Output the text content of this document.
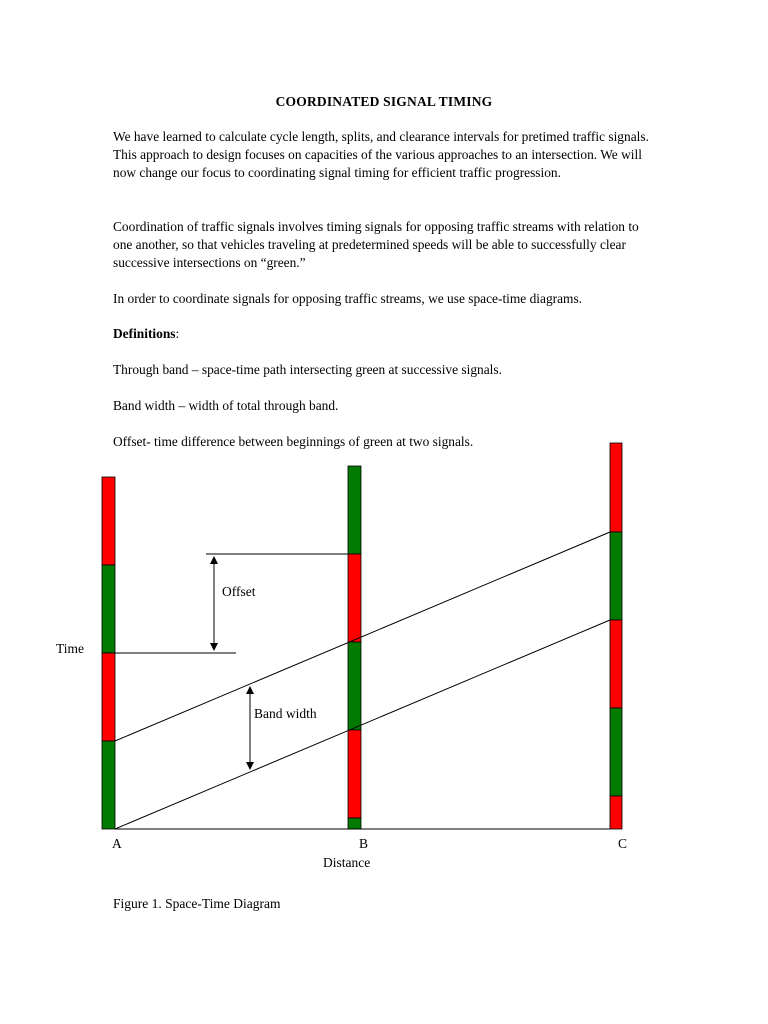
COORDINATED SIGNAL TIMING

We have learned to calculate cycle length, splits, and clearance intervals for pretimed traffic signals. This approach to design focuses on capacities of the various approaches to an intersection. We will now change our focus to coordinating signal timing for efficient traffic progression.

Coordination of traffic signals involves timing signals for opposing traffic streams with relation to one another, so that vehicles traveling at predetermined speeds will be able to successfully clear successive intersections on “green.”

In order to coordinate signals for opposing traffic streams, we use space-time diagrams.

Definitions:

Through band – space-time path intersecting green at successive signals.

Band width – width of total through band.

Offset- time difference between beginnings of green at two signals.

Offset
Band width
Time
A	B	C
Distance
Figure 1. Space-Time Diagram
